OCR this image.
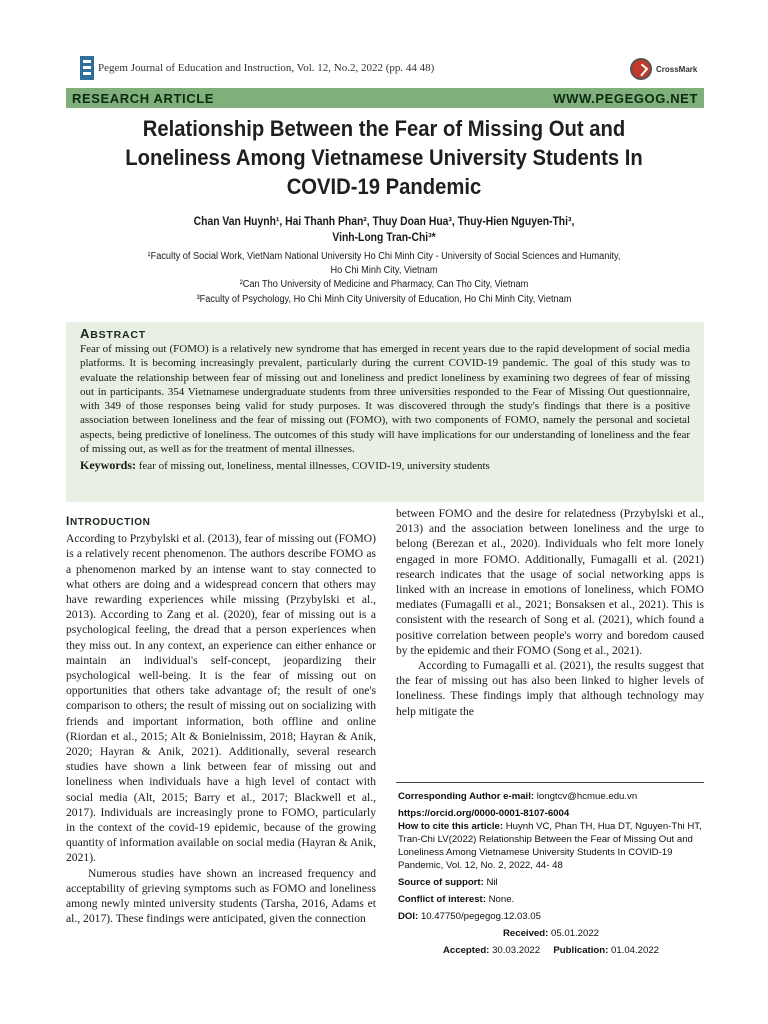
Pegem Journal of Education and Instruction, Vol. 12, No.2, 2022 (pp. 44 48)	CrossMark
RESEARCH ARTICLE	WWW.PEGEGOG.NET
Relationship Between the Fear of Missing Out and Loneliness Among Vietnamese University Students In COVID-19 Pandemic
Chan Van Huynh¹, Hai Thanh Phan², Thuy Doan Hua³, Thuy-Hien Nguyen-Thi³,
Vinh-Long Tran-Chi³*
¹Faculty of Social Work, VietNam National University Ho Chi Minh City - University of Social Sciences and Humanity, Ho Chi Minh City, Vietnam
²Can Tho University of Medicine and Pharmacy, Can Tho City, Vietnam
³Faculty of Psychology, Ho Chi Minh City University of Education, Ho Chi Minh City, Vietnam
ABSTRACT

Fear of missing out (FOMO) is a relatively new syndrome that has emerged in recent years due to the rapid development of social media platforms. It is becoming increasingly prevalent, particularly during the current COVID-19 pandemic. The goal of this study was to evaluate the relationship between fear of missing out and loneliness and predict loneliness by examining two degrees of fear of missing out in participants. 354 Vietnamese undergraduate students from three universities responded to the Fear of Missing Out questionnaire, with 349 of those responses being valid for study purposes. It was discovered through the study's findings that there is a positive association between loneliness and the fear of missing out (FOMO), with two components of FOMO, namely the personal and societal aspects, being predictive of loneliness. The outcomes of this study will have implications for our understanding of loneliness and the fear of missing out, as well as for the treatment of mental illnesses.

Keywords: fear of missing out, loneliness, mental illnesses, COVID-19, university students
INTRODUCTION

According to Przybylski et al. (2013), fear of missing out (FOMO) is a relatively recent phenomenon. The authors describe FOMO as a phenomenon marked by an intense want to stay connected to what others are doing and a widespread concern that others may have rewarding experiences while missing (Przybylski et al., 2013). According to Zang et al. (2020), fear of missing out is a psychological feeling, the dread that a person experiences when they miss out. In any context, an experience can either enhance or maintain an individual's self-concept, jeopardizing their psychological well-being. It is the fear of missing out on opportunities that others take advantage of; the result of one's comparison to others; the result of missing out on socializing with friends and important information, both offline and online (Riordan et al., 2015; Alt & Bonielnissim, 2018; Hayran & Anik, 2020; Hayran & Anik, 2021). Additionally, several research studies have shown a link between fear of missing out and loneliness when individuals have a high level of contact with social media (Alt, 2015; Barry et al., 2017; Blackwell et al., 2017). Individuals are increasingly prone to FOMO, particularly in the context of the covid-19 epidemic, because of the growing quantity of information available on social media (Hayran & Anik, 2021).

Numerous studies have shown an increased frequency and acceptability of grieving symptoms such as FOMO and loneliness among newly minted university students (Tarsha, 2016, Adams et al., 2017). These findings were anticipated, given the connection

between FOMO and the desire for relatedness (Przybylski et al., 2013) and the association between loneliness and the urge to belong (Berezan et al., 2020). Individuals who felt more lonely engaged in more FOMO. Additionally, Fumagalli et al. (2021) research indicates that the usage of social networking apps is linked with an increase in emotions of loneliness, which FOMO mediates (Fumagalli et al., 2021; Bonsaksen et al., 2021). This is consistent with the research of Song et al. (2021), which found a positive correlation between people's worry and boredom caused by the epidemic and their FOMO (Song et al., 2021).

According to Fumagalli et al. (2021), the results suggest that the fear of missing out has also been linked to higher levels of loneliness. These findings imply that although technology may help mitigate the

Corresponding Author e-mail: longtcv@hcmue.edu.vn
https://orcid.org/0000-0001-8107-6004
How to cite this article: Huynh VC, Phan TH, Hua DT, Nguyen-Thi HT, Tran-Chi LV(2022) Relationship Between the Fear of Missing Out and Loneliness Among Vietnamese University Students In COVID-19 Pandemic, Vol. 12, No. 2, 2022, 44- 48
Source of support: Nil
Conflict of interest: None.
DOI: 10.47750/pegegog.12.03.05
Received: 05.01.2022
Accepted: 30.03.2022 Publication: 01.04.2022
